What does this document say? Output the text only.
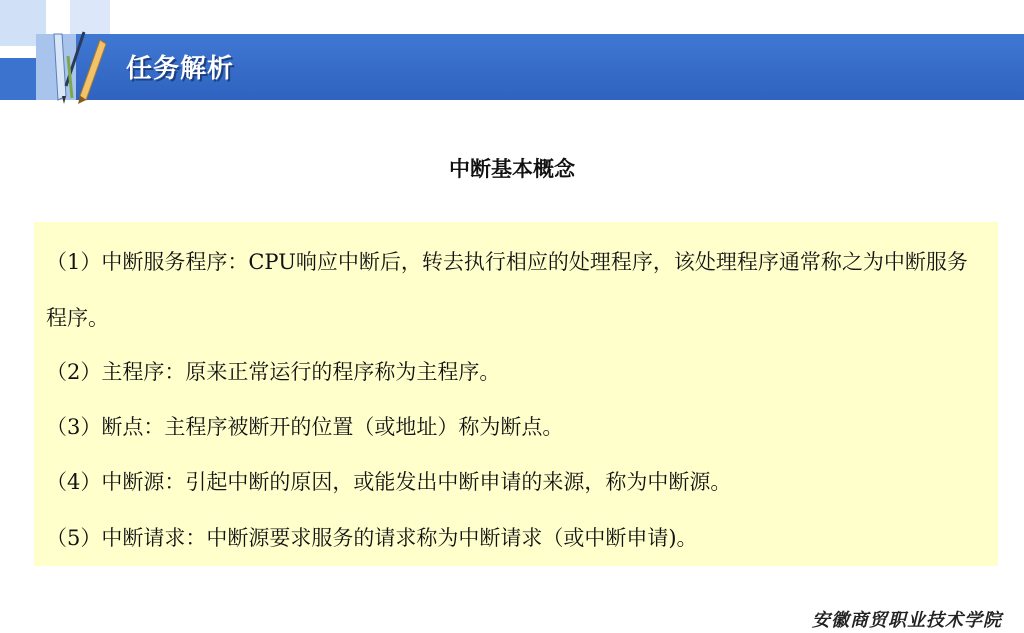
任务解析
中断基本概念

（1）中断服务程序：CPU响应中断后，转去执行相应的处理程序，该处理程序通常称之为中断服务程序。

（2）主程序：原来正常运行的程序称为主程序。

（3）断点：主程序被断开的位置（或地址）称为断点。

（4）中断源：引起中断的原因，或能发出中断申请的来源，称为中断源。

（5）中断请求：中断源要求服务的请求称为中断请求（或中断申请)。

安徽商贸职业技术学院
